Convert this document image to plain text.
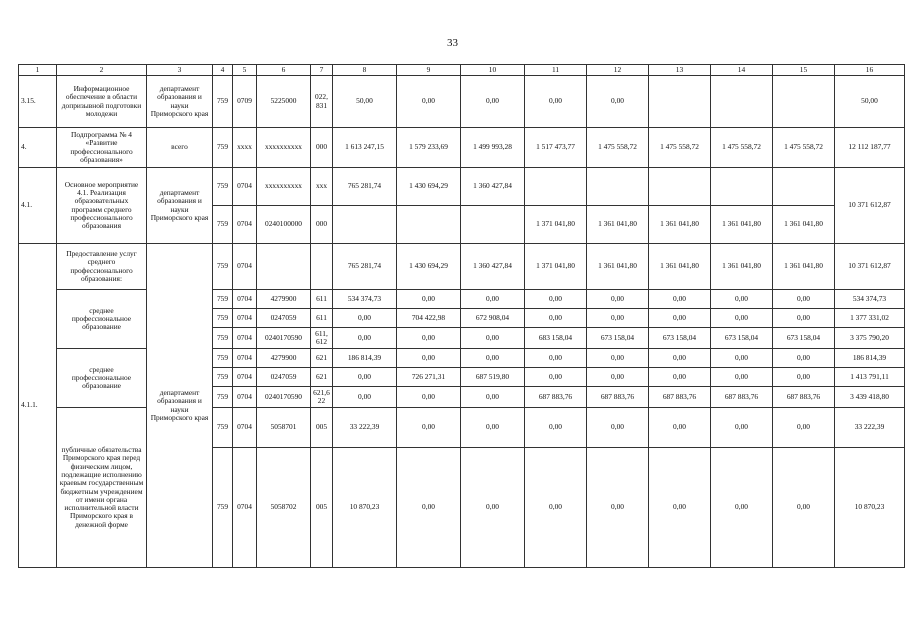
33
1	2	3	4	5	6	7	8	9	10	11	12	13	14	15	16
3.15.	Информационное обеспечение в области допризывной подготовки молодежи	департамент образования и науки Приморского края	759	0709	5225000	022, 831	50,00	0,00	0,00	0,00	0,00				50,00
4.	Подпрограмма № 4 «Развитие профессионального образования»	всего	759	xxxx	xxxxxxxxxx	000	1 613 247,15	1 579 233,69	1 499 993,28	1 517 473,77	1 475 558,72	1 475 558,72	1 475 558,72	1 475 558,72	12 112 187,77
4.1.	Основное мероприятие 4.1. Реализация образовательных программ среднего профессионального образования	департамент образования и науки Приморского края	759	0704	xxxxxxxxxx	xxx	765 281,74	1 430 694,29	1 360 427,84						10 371 612,87
			759	0704	0240100000	000				1 371 041,80	1 361 041,80	1 361 041,80	1 361 041,80	1 361 041,80	
4.1.1.	Предоставление услуг среднего профессионального образования:	департамент образования и науки Приморского края	759	0704			765 281,74	1 430 694,29	1 360 427,84	1 371 041,80	1 361 041,80	1 361 041,80	1 361 041,80	1 361 041,80	10 371 612,87
	среднее профессиональное образование		759	0704	4279900	611	534 374,73	0,00	0,00	0,00	0,00	0,00	0,00	0,00	534 374,73
			759	0704	0247059	611	0,00	704 422,98	672 908,04	0,00	0,00	0,00	0,00	0,00	1 377 331,02
			759	0704	0240170590	611, 612	0,00	0,00	0,00	683 158,04	673 158,04	673 158,04	673 158,04	673 158,04	3 375 790,20
	среднее профессиональное образование		759	0704	4279900	621	186 814,39	0,00	0,00	0,00	0,00	0,00	0,00	0,00	186 814,39
			759	0704	0247059	621	0,00	726 271,31	687 519,80	0,00	0,00	0,00	0,00	0,00	1 413 791,11
			759	0704	0240170590	621,6 22	0,00	0,00	0,00	687 883,76	687 883,76	687 883,76	687 883,76	687 883,76	3 439 418,80
	публичные обязательства Приморского края перед физическим лицом, подлежащие исполнению краевым государственным бюджетным учреждением от имени органа исполнительной власти Приморского края в денежной форме		759	0704	5058701	005	33 222,39	0,00	0,00	0,00	0,00	0,00	0,00	0,00	33 222,39
			759	0704	5058702	005	10 870,23	0,00	0,00	0,00	0,00	0,00	0,00	0,00	10 870,23
